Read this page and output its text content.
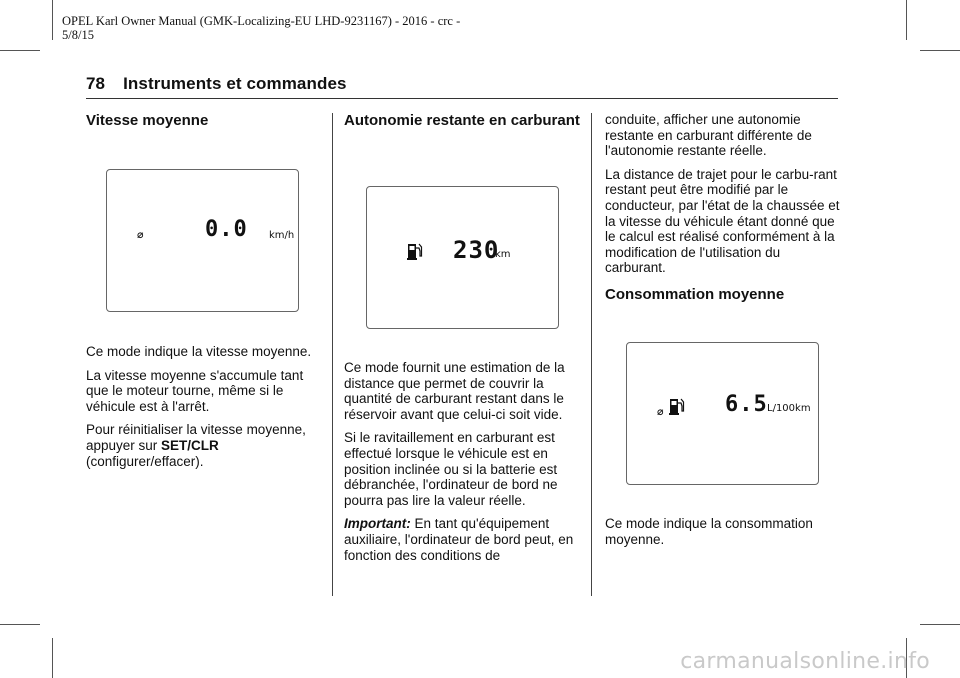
OPEL Karl Owner Manual (GMK-Localizing-EU LHD-9231167) - 2016 - crc -
5/8/15
78 Instruments et commandes
Vitesse moyenne
⌀	0.0 km/h

Ce mode indique la vitesse moyenne.

La vitesse moyenne s'accumule tant que le moteur tourne, même si le véhicule est à l'arrêt.

Pour réinitialiser la vitesse moyenne, appuyer sur SET/CLR (configurer/effacer).

Autonomie restante en carburant
230
km

Ce mode fournit une estimation de la distance que permet de couvrir la quantité de carburant restant dans le réservoir avant que celui-ci soit vide.

Si le ravitaillement en carburant est effectué lorsque le véhicule est en position inclinée ou si la batterie est débranchée, l'ordinateur de bord ne pourra pas lire la valeur réelle.

Important: En tant qu'équipement auxiliaire, l'ordinateur de bord peut, en fonction des conditions de

conduite, afficher une autonomie restante en carburant différente de l'autonomie restante réelle.

La distance de trajet pour le carbu-rant restant peut être modifié par le conducteur, par l'état de la chaussée et la vitesse du véhicule étant donné que le calcul est réalisé conformément à la modification de l'utilisation du carburant.

Consommation moyenne
⌀	6.5 L/100km

Ce mode indique la consommation moyenne.

carmanualsonline.info
